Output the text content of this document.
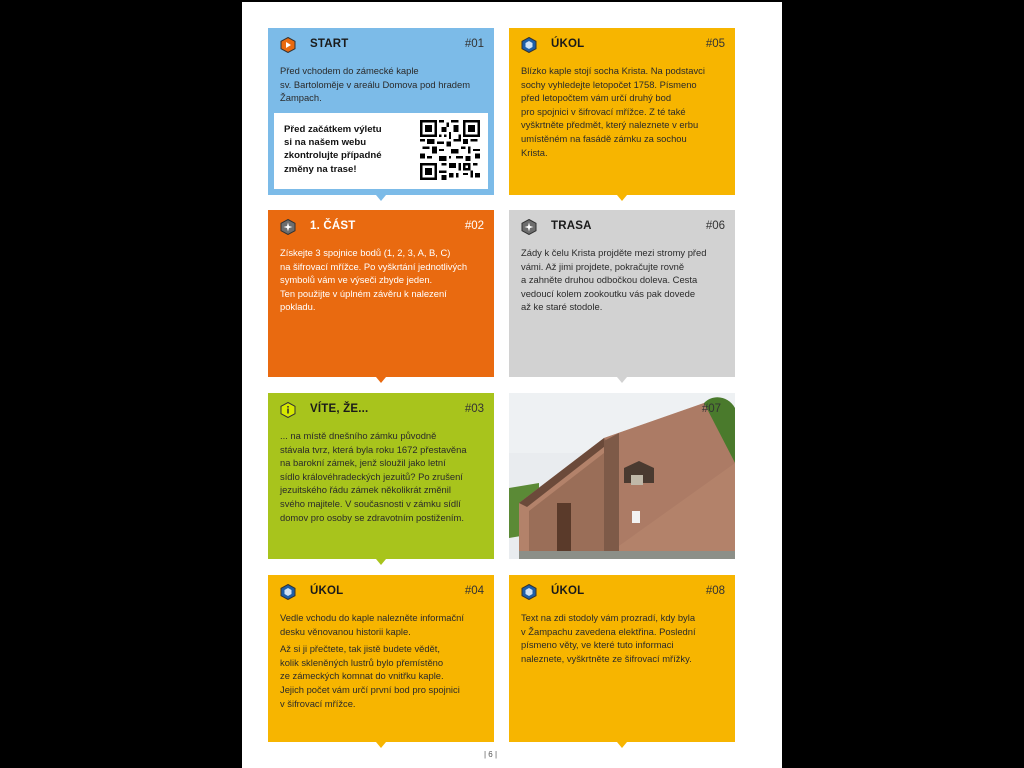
START	#01
Před vchodem do zámecké kaple
sv. Bartoloměje v areálu Domova pod hradem
Žampach.
Před začátkem výletu
si na našem webu
zkontrolujte případné
změny na trase!
ÚKOL	#05
Blízko kaple stojí socha Krista. Na podstavci
sochy vyhledejte letopočet 1758. Písmeno
před letopočtem vám určí druhý bod
pro spojnici v šifrovací mřížce. Z té také
vyškrtněte předmět, který naleznete v erbu
umístěném na fasádě zámku za sochou
Krista.
1. ČÁST	#02
Získejte 3 spojnice bodů (1, 2, 3, A, B, C)
na šifrovací mřížce. Po vyškrtání jednotlivých
symbolů vám ve výseči zbyde jeden.
Ten použijte v úplném závěru k nalezení
pokladu.
TRASA	#06
Zády k čelu Krista projděte mezi stromy před
vámi. Až jimi projdete, pokračujte rovně
a zahněte druhou odbočkou doleva. Cesta
vedoucí kolem zookoutku vás pak dovede
až ke staré stodole.
VÍTE, ŽE...	#03
... na místě dnešního zámku původně
stávala tvrz, která byla roku 1672 přestavěna
na barokní zámek, jenž sloužil jako letní
sídlo královéhradeckých jezuitů? Po zrušení
jezuitského řádu zámek několikrát změnil
svého majitele. V současnosti v zámku sídlí
domov pro osoby se zdravotním postižením.
#07
ÚKOL	#04

Vedle vchodu do kaple nalezněte informační
desku věnovanou historii kaple.

Až si ji přečtete, tak jistě budete vědět,
kolik skleněných lustrů bylo přemístěno
ze zámeckých komnat do vnitřku kaple.
Jejich počet vám určí první bod pro spojnici
v šifrovací mřížce.

ÚKOL	#08
Text na zdi stodoly vám prozradí, kdy byla
v Žampachu zavedena elektřina. Poslední
písmeno věty, ve které tuto informaci
naleznete, vyškrtněte ze šifrovací mřížky.
| 6 |
